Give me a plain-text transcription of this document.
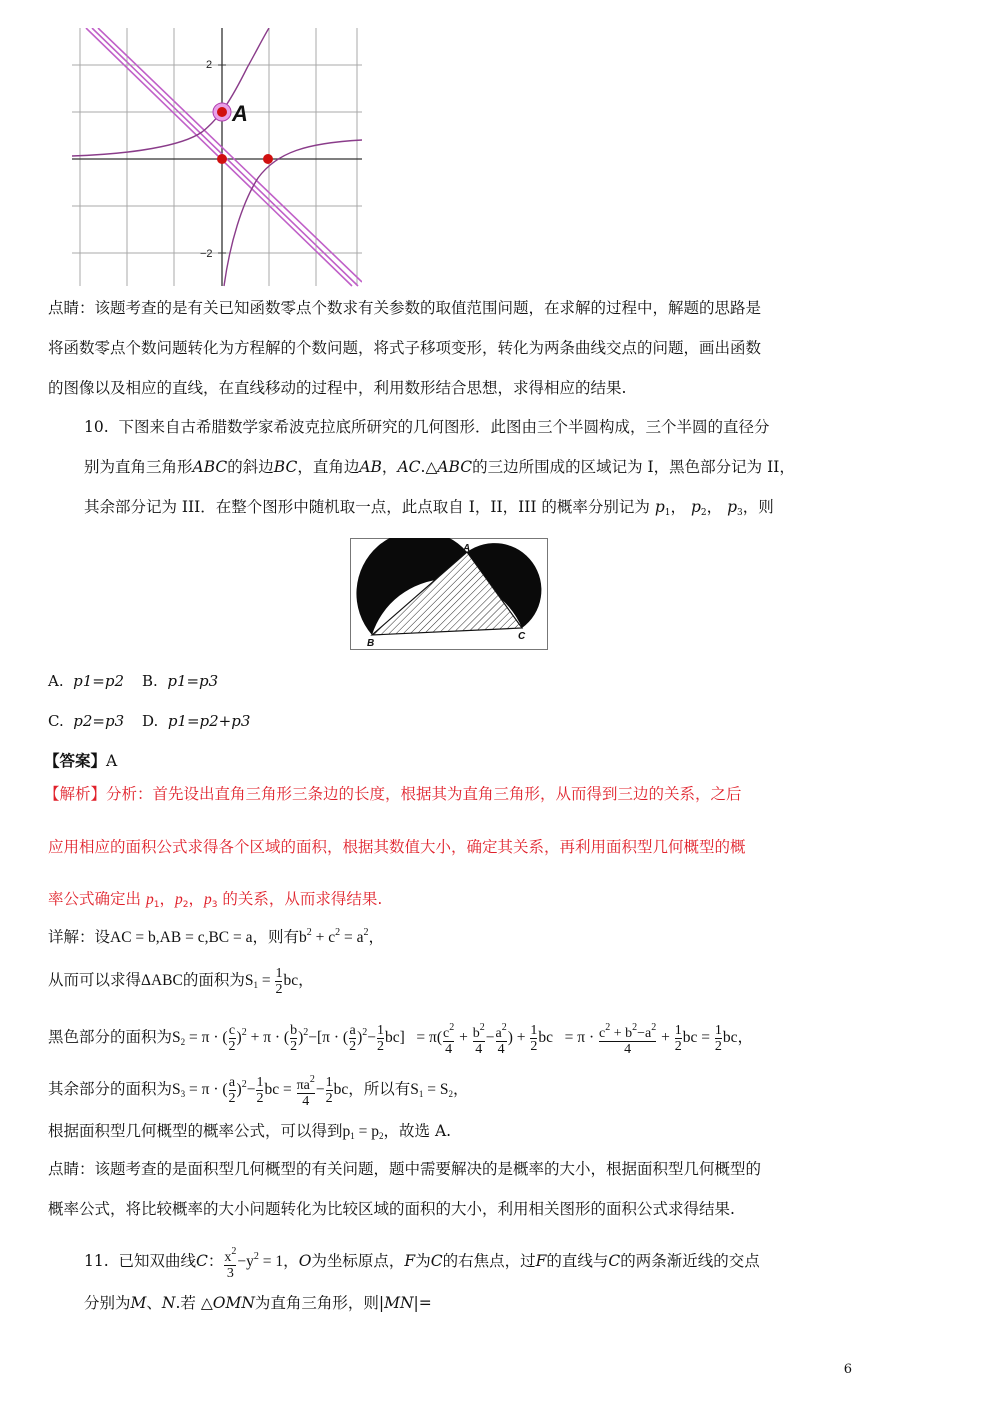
2
−2
A
点睛：该题考查的是有关已知函数零点个数求有关参数的取值范围问题，在求解的过程中，解题的思路是
将函数零点个数问题转化为方程解的个数问题，将式子移项变形，转化为两条曲线交点的问题，画出函数
的图像以及相应的直线，在直线移动的过程中，利用数形结合思想，求得相应的结果.
10. 下图来自古希腊数学家希波克拉底所研究的几何图形．此图由三个半圆构成，三个半圆的直径分
别为直角三角形ABC的斜边BC，直角边AB，AC.△ABC的三边所围成的区域记为 I，黑色部分记为 II，
其余部分记为 III．在整个图形中随机取一点，此点取自 I，II，III 的概率分别记为 $p_1$， $p_2$， $p_3$，则
A
B
C
A. p1=p2 B. p1=p3
C. p2=p3 D. p1=p2+p3
【答案】A
【解析】分析：首先设出直角三角形三条边的长度，根据其为直角三角形，从而得到三边的关系，之后
应用相应的面积公式求得各个区域的面积，根据其数值大小，确定其关系，再利用面积型几何概型的概
率公式确定出 $p_1$，$p_2$，$p_3$ 的关系，从而求得结果.
详解：设AC = b,AB = c,BC = a，则有$b^2 + c^2 = a^2$，
从而可以求得ΔABC的面积为$S_1 = \frac{1}{2}$ bc，
黑色部分的面积为$S_2 = \pi$ · ( $\frac{c}{2} )^2 + \pi$ · ( $\frac{b}{2} )^2-[\pi$ · ( $\frac{a}{2} )^2- \frac{1}{2} bc] = \pi( \frac{c^2}{4} + \frac{b^2}{4} - \frac{a^2}{4}$ ) + $\frac{1}{2}$ bc   = $\pi \cdot \frac{c^2 + b^2-a^2}{4} + \frac{1}{2}$ bc = $\frac{1}{2}$ bc，
其余部分的面积为$S_3 = \pi$ · ( $\frac{a}{2} )^2- \frac{1}{2}$ bc = $\frac{\pi a^2}{4} - \frac{1}{2}$ bc，所以有$S_1 = S_2$，
根据面积型几何概型的概率公式，可以得到$p_1 = p_2$，故选 A.
点睛：该题考查的是面积型几何概型的有关问题，题中需要解决的是概率的大小，根据面积型几何概型的
概率公式，将比较概率的大小问题转化为比较区域的面积的大小，利用相关图形的面积公式求得结果.
11. 已知双曲线C： $\frac{x^2}{3} -y^2 = 1$，O为坐标原点，F为C的右焦点，过F的直线与C的两条渐近线的交点
分别为M、N.若 △OMN为直角三角形，则|MN|=
6
